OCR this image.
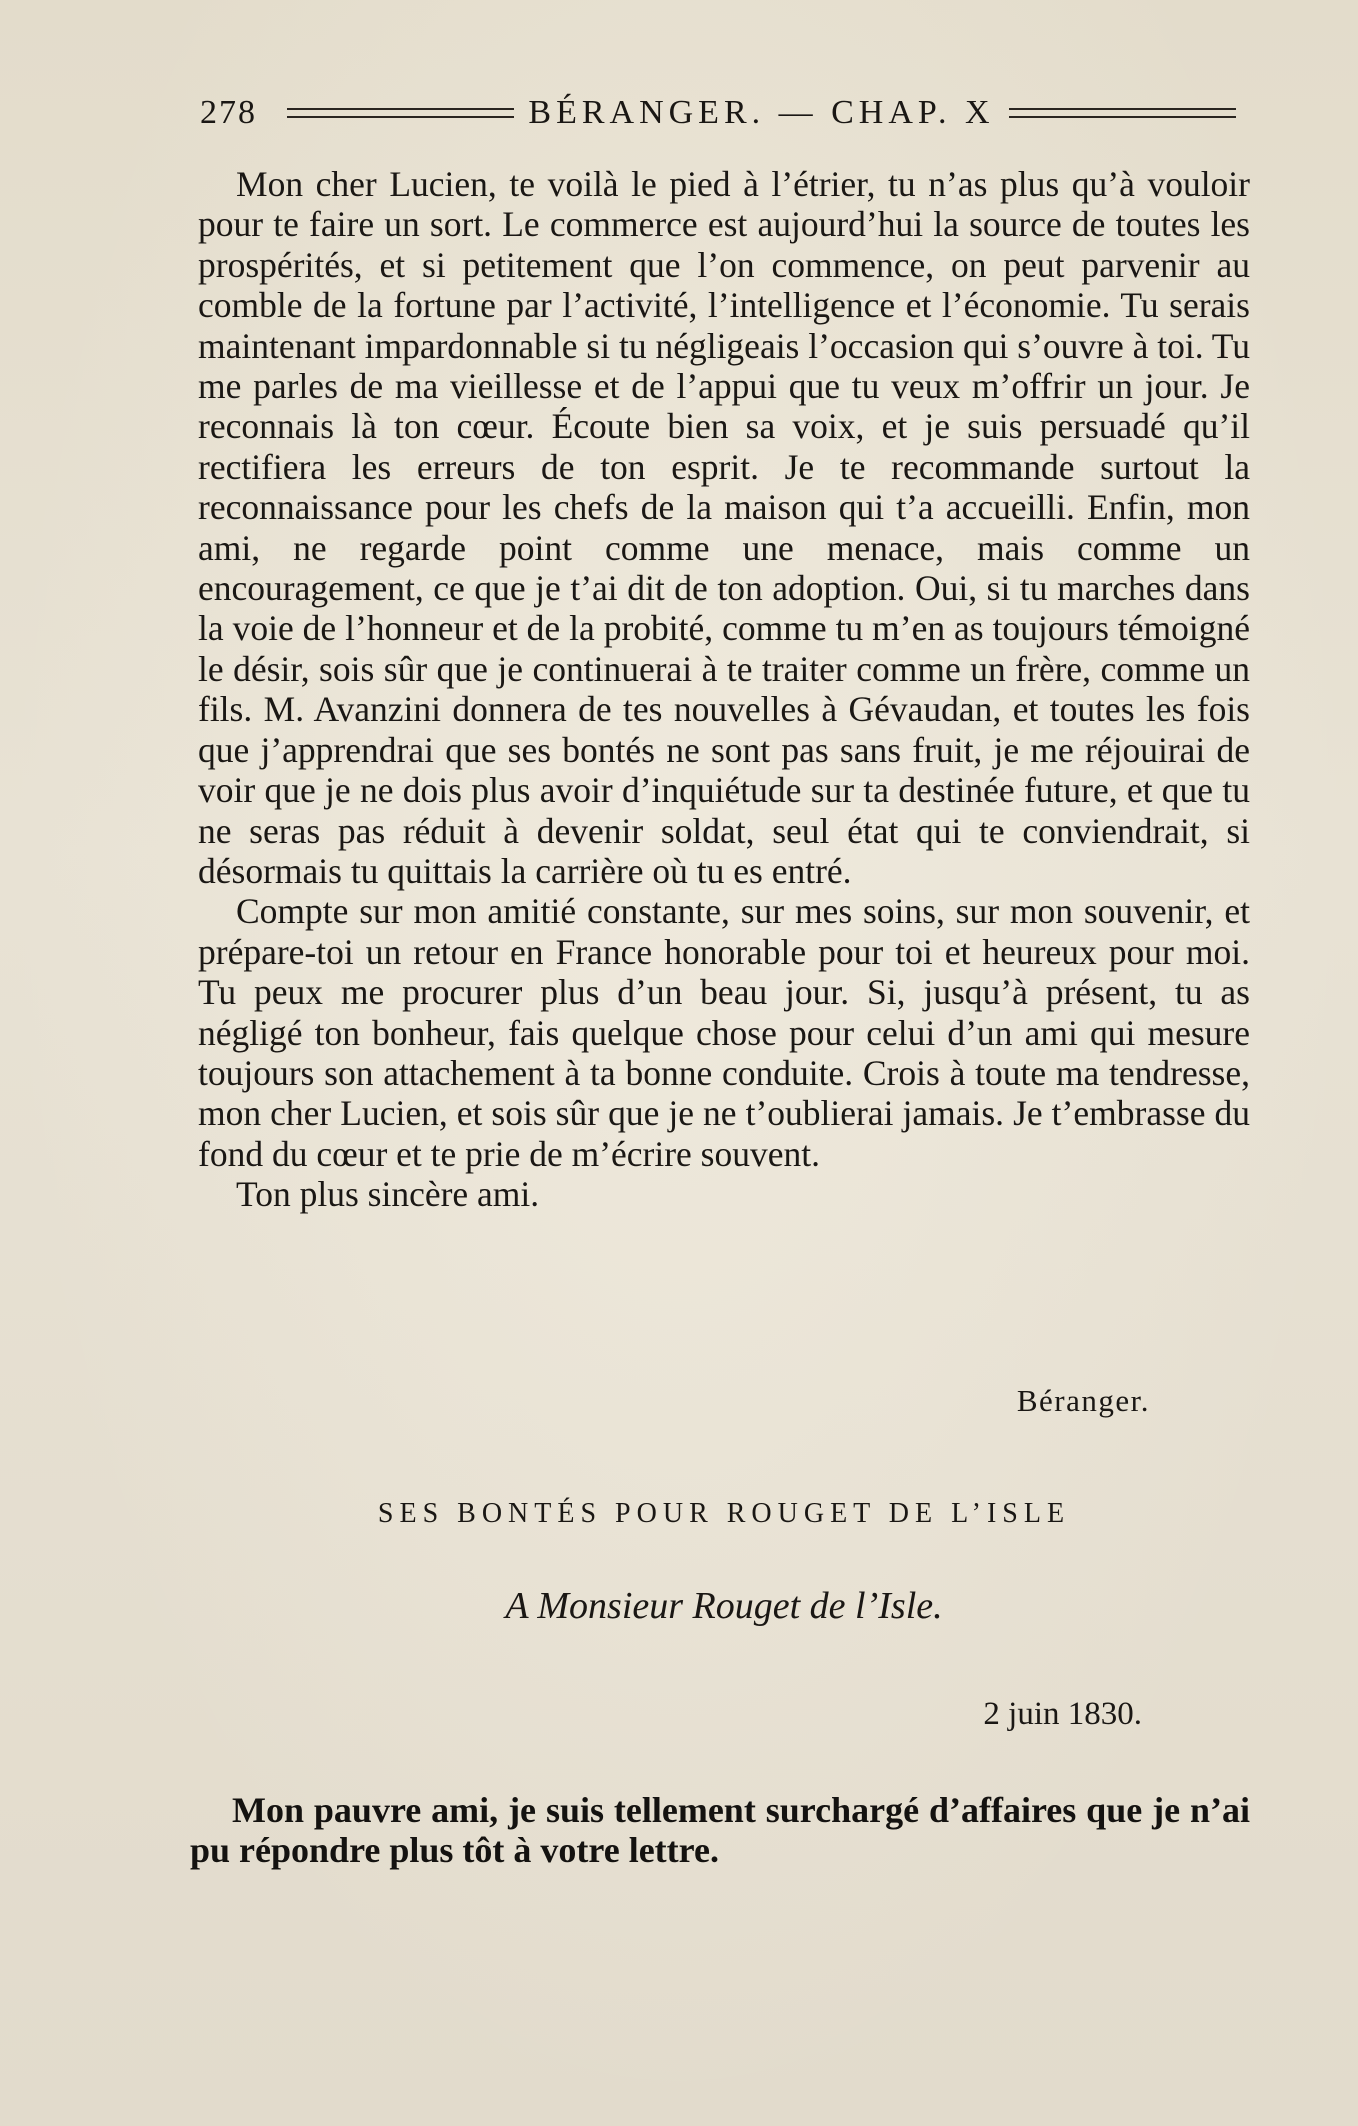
278	BÉRANGER. — CHAP. X

Mon cher Lucien, te voilà le pied à l’étrier, tu n’as plus qu’à vouloir pour te faire un sort. Le commerce est aujourd’hui la source de toutes les prospérités, et si petitement que l’on commence, on peut parvenir au comble de la fortune par l’activité, l’intelligence et l’économie. Tu serais maintenant impardonnable si tu négligeais l’occasion qui s’ouvre à toi. Tu me parles de ma vieillesse et de l’appui que tu veux m’offrir un jour. Je reconnais là ton cœur. Écoute bien sa voix, et je suis persuadé qu’il rectifiera les erreurs de ton esprit. Je te recommande surtout la reconnaissance pour les chefs de la maison qui t’a accueilli. Enfin, mon ami, ne regarde point comme une menace, mais comme un encouragement, ce que je t’ai dit de ton adoption. Oui, si tu marches dans la voie de l’honneur et de la probité, comme tu m’en as toujours témoigné le désir, sois sûr que je continuerai à te traiter comme un frère, comme un fils. M. Avanzini donnera de tes nouvelles à Gévaudan, et toutes les fois que j’apprendrai que ses bontés ne sont pas sans fruit, je me réjouirai de voir que je ne dois plus avoir d’inquiétude sur ta destinée future, et que tu ne seras pas réduit à devenir soldat, seul état qui te conviendrait, si désormais tu quittais la carrière où tu es entré.

Compte sur mon amitié constante, sur mes soins, sur mon souvenir, et prépare-toi un retour en France honorable pour toi et heureux pour moi. Tu peux me procurer plus d’un beau jour. Si, jusqu’à présent, tu as négligé ton bonheur, fais quelque chose pour celui d’un ami qui mesure toujours son attachement à ta bonne conduite. Crois à toute ma tendresse, mon cher Lucien, et sois sûr que je ne t’oublierai jamais. Je t’embrasse du fond du cœur et te prie de m’écrire souvent.

Ton plus sincère ami.

Béranger.
SES BONTÉS POUR ROUGET DE L’ISLE
A Monsieur Rouget de l’Isle.
2 juin 1830.

Mon pauvre ami, je suis tellement surchargé d’affaires que je n’ai pu répondre plus tôt à votre lettre.
